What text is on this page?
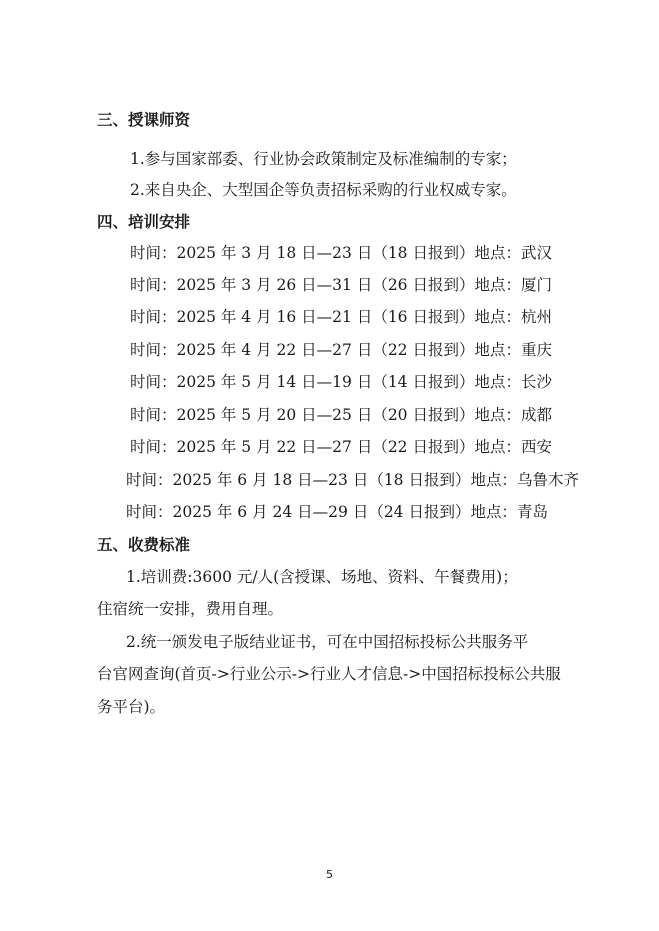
三、授课师资
1.参与国家部委、行业协会政策制定及标准编制的专家；
2.来自央企、大型国企等负责招标采购的行业权威专家。
四、培训安排
时间：2025 年 3 月 18 日—23 日（18 日报到）地点：武汉
时间：2025 年 3 月 26 日—31 日（26 日报到）地点：厦门
时间：2025 年 4 月 16 日—21 日（16 日报到）地点：杭州
时间：2025 年 4 月 22 日—27 日（22 日报到）地点：重庆
时间：2025 年 5 月 14 日—19 日（14 日报到）地点：长沙
时间：2025 年 5 月 20 日—25 日（20 日报到）地点：成都
时间：2025 年 5 月 22 日—27 日（22 日报到）地点：西安
时间：2025 年 6 月 18 日—23 日（18 日报到）地点：乌鲁木齐
时间：2025 年 6 月 24 日—29 日（24 日报到）地点：青岛
五、收费标准
1.培训费:3600 元/人(含授课、场地、资料、午餐费用)；
住宿统一安排，费用自理。
2.统一颁发电子版结业证书，可在中国招标投标公共服务平
台官网查询(首页->行业公示->行业人才信息->中国招标投标公共服
务平台)。
5
